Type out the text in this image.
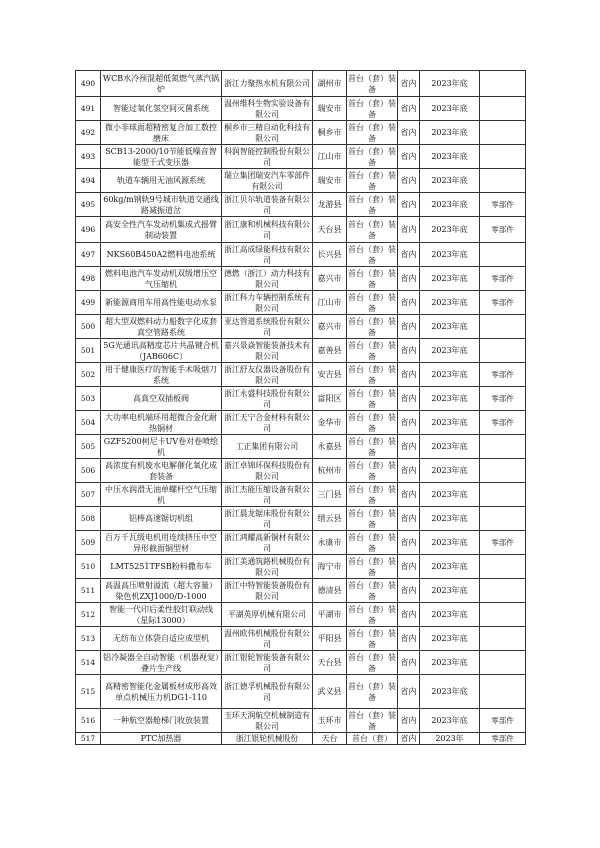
490	WCB水冷预混超低氮燃气蒸汽锅炉	浙江力聚热水机有限公司	湖州市	首台（套）装备	省内	2023年底	
491	智能过氧化氢空间灭菌系统	温州维科生物实验设备有限公司	瑞安市	首台（套）装备	省内	2023年底	
492	微小非球面超精密复合加工数控磨床	桐乡市三精自动化科技有限公司	桐乡市	首台（套）装备	省内	2023年底	
493	SCB13-2000/10节能低噪音智能型干式变压器	科润智能控制股份有限公司	江山市	首台（套）装备	省内	2023年底	
494	轨道车辆用无油风源系统	瑞立集团瑞安汽车零部件有限公司	瑞安市	首台（套）装备	省内	2023年底	
495	60kg/m钢轨9号城市轨道交通线路减振道岔	浙江贝尔轨道装备有限公司	龙游县	首台（套）装备	省内	2023年底	零部件
496	高安全性汽车发动机集成式摇臂制动装置	浙江康和机械科技有限公司	天台县	首台（套）装备	省内	2023年底	零部件
497	NKS60B450A2燃料电池系统	浙江高成绿能科技有限公司	长兴县	首台（套）装备	省内	2023年底	
498	燃料电池汽车发动机双级增压空气压缩机	德燃（浙江）动力科技有限公司	嘉兴市	首台（套）装备	省内	2023年底	零部件
499	新能源商用车用高性能电动水泵	浙江科力车辆控制系统有限公司	江山市	首台（套）装备	省内	2023年底	零部件
500	超大型双燃料动力船数字化成套真空管路系统	亚达管道系统股份有限公司	嘉兴市	首台（套）装备	省内	2023年底	
501	5G光通讯高精度芯片共晶键合机（JAB606C）	嘉兴景焱智能装备技术有限公司	嘉善县	首台（套）装备	省内	2023年底	
502	用于健康医疗的智能手术吸烟刀系统	浙江舒友仪器设备股份有限公司	安吉县	首台（套）装备	省内	2023年底	零部件
503	高真空双插板阀	浙江永盛科技股份有限公司	富阳区	首台（套）装备	省内	2023年底	零部件
504	大功率电机端环用超微合金化耐热铜材	浙江天宁合金材料有限公司	金华市	首台（套）装备	省内	2023年底	零部件
505	GZF5200柯尼卡UV卷对卷喷绘机	工正集团有限公司	永嘉县	首台（套）装备	省内	2023年底	
506	高浓度有机废水电解催化氧化成套装备	浙江卓锦环保科技股份有限公司	杭州市	首台（套）装备	省内	2023年底	
507	中压水润滑无油单螺杆空气压缩机	浙江杰能压缩设备有限公司	三门县	首台（套）装备	省内	2023年底	
508	铝棒高速锯切机组	浙江晨龙锯床股份有限公司	缙云县	首台（套）装备	省内	2023年底	
509	百万千瓦级电机用连续挤压中空异形截面铜型材	浙江鸿耀高新铜材有限公司	永康市	首台（套）装备	省内	2023年底	零部件
510	LMT5251TFSB粉料撒布车	浙江美通筑路机械股份有限公司	海宁市	首台（套）装备	省内	2023年底	
511	高温高压喷射溢流（超大容量）染色机ZXJ1000/D-1000	浙江中特智能装备股份有限公司	德清县	首台（套）装备	省内	2023年底	
512	智能一代印后柔性胶钉联动线（星际13000）	平湖英厚机械有限公司	平湖市	首台（套）装备	省内	2023年底	
513	无纺布立体袋自适应成型机	温州欧伟机械股份有限公司	平阳县	首台（套）装备	省内	2023年底	
514	铝冷凝器全自动智能（机器视觉）叠片生产线	浙江银轮智能装备有限公司	天台县	首台（套）装备	省内	2023年底	
515	高精密智能化金属板材成形高效单点机械压力机DG1-110	浙江德孚机械股份有限公司	武义县	首台（套）装备	省内	2023年底	
516	一种航空器舱梯门收放装置	玉环天润航空机械制造有限公司	玉环市	首台（套）装备	省内	2023年底	零部件
517	PTC加热器	浙江银轮机械股份	天台	首台（套）	省内	2023年	零部件
